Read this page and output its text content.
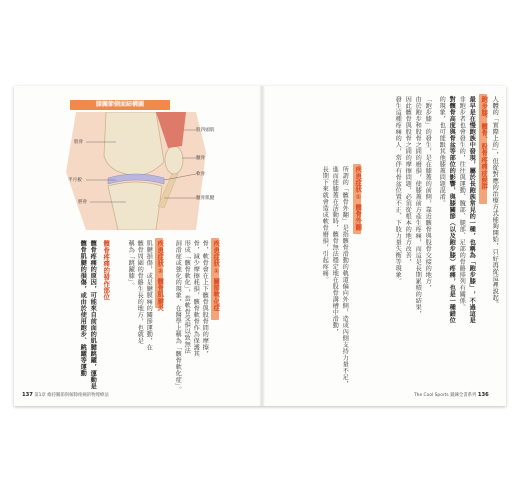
膝關節側面結構圖
股四頭肌
股骨
髕骨
半月板
軟骨
脛骨
髕骨肌腱
疾患症狀① 關節軟化症
骨，軟骨會在上下髕骨與股骨間的摩擦，
骨，減少摩擦耗損，髕骨軟骨作為保護其
形成「髕骨軟化」，當軟骨受損以致無法
洞滑症或強化的現象，在醫學上稱為「髕骨軟化症」。
疾患症狀② 髕骨肌腱炎
肌腱損傷，或是腱膜痛的關節運動，在
髕骨周圍的骨骼生長的地方，也就是
稱為「跳躍膝」。
髕骨疼痛的發作部位
髕骨疼痛的原因，可能來自前面的肌腱跳躍，運動是
髕骨肌腱的損傷，或由於使用跑步、跳躍等運動
137 第1章 維持關節與解除疼痛的物理療法
人體的「實際上的」，但從對應的治療方式能夠開始，只好再從這裡說起。
跑步膝、髕骨、股骨疼痛症候群
最早是在慢跑族中發現，屬於長跑族常見的一種，也稱為「跑步膝」，不過這是
非跑步者也會發生的，往往與運動、髖部、腿部、足部的骨骼排列有關係。
對髕骨高度與骨盆等部位的影響，與膝關節（以及跑步膝）疼痛，也是一種錯位
的現象，也可能跟其他膝蓋問題混淆。
「跑步膝」的發生，是在膝蓋的前側，靠近髕骨與股骨交接的地方，
由於跑步和股骨之間的磨損，使膝蓋前方產生疼痛，而這是長期累積的結果，
因此髕骨與股骨之間的摩擦問題，必須從根本的地方改善，
發生這種疼痛的人，常伴有骨盆位置不正、下肢力量失衡等現象。
疾患症狀① 髕骨外翻
所謂的「髕骨外翻」是指髕骨滑動的軌道偏向外側，造成內側支持力量不足，
進而使膝蓋在活動時，髕骨無法穩定地在股骨溝槽中滑動，
長期下來就會造成軟骨磨損，引起疼痛。
The Cool Sports 鍛鍊全書系列 136
